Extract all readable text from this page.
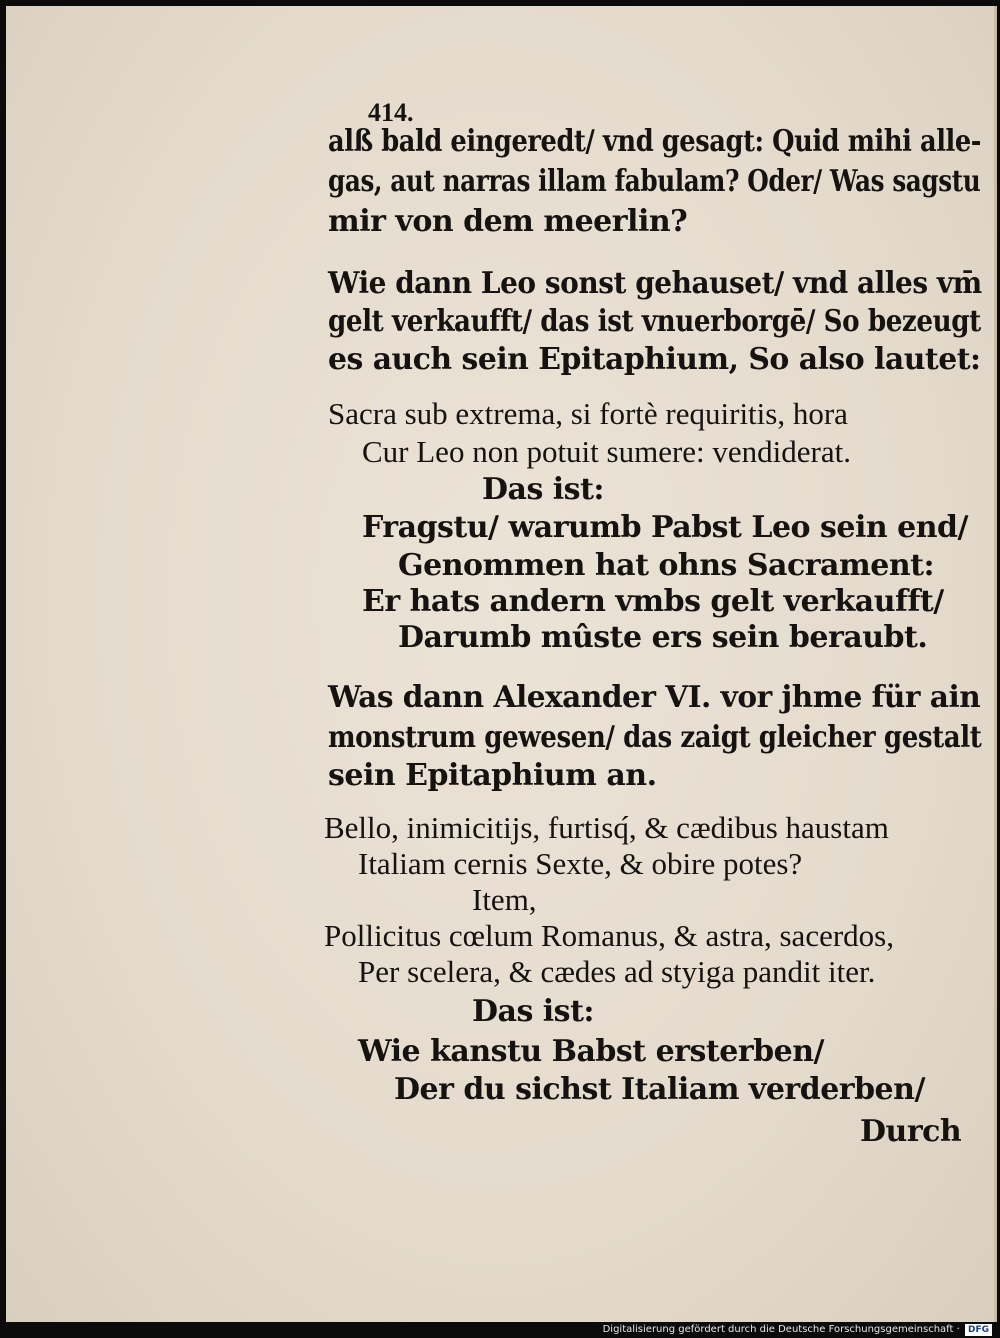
414.
alß bald eingeredt/ vnd gesagt: Quid mihi alle-
gas, aut narras illam fabulam? Oder/ Was sagstu
mir von dem meerlin?
Wie dann Leo sonst gehauset/ vnd alles vm̄
gelt verkaufft/ das ist vnuerborgē/ So bezeugt
es auch sein Epitaphium, So also lautet:
Sacra sub extrema, si fortè requiritis, hora
Cur Leo non potuit sumere: vendiderat.
Das ist:
Fragstu/ warumb Pabst Leo sein end/
Genommen hat ohns Sacrament:
Er hats andern vmbs gelt verkaufft/
Darumb mûste ers sein beraubt.
Was dann Alexander VI. vor jhme für ain
monstrum gewesen/ das zaigt gleicher gestalt
sein Epitaphium an.
Bello, inimicitijs, furtisq́, & cædibus haustam
Italiam cernis Sexte, & obire potes?
Item,
Pollicitus cœlum Romanus, & astra, sacerdos,
Per scelera, & cædes ad styiga pandit iter.
Das ist:
Wie kanstu Babst ersterben/
Der du sichst Italiam verderben/
Durch
Digitalisierung gefördert durch die Deutsche Forschungsgemeinschaft · DFG
